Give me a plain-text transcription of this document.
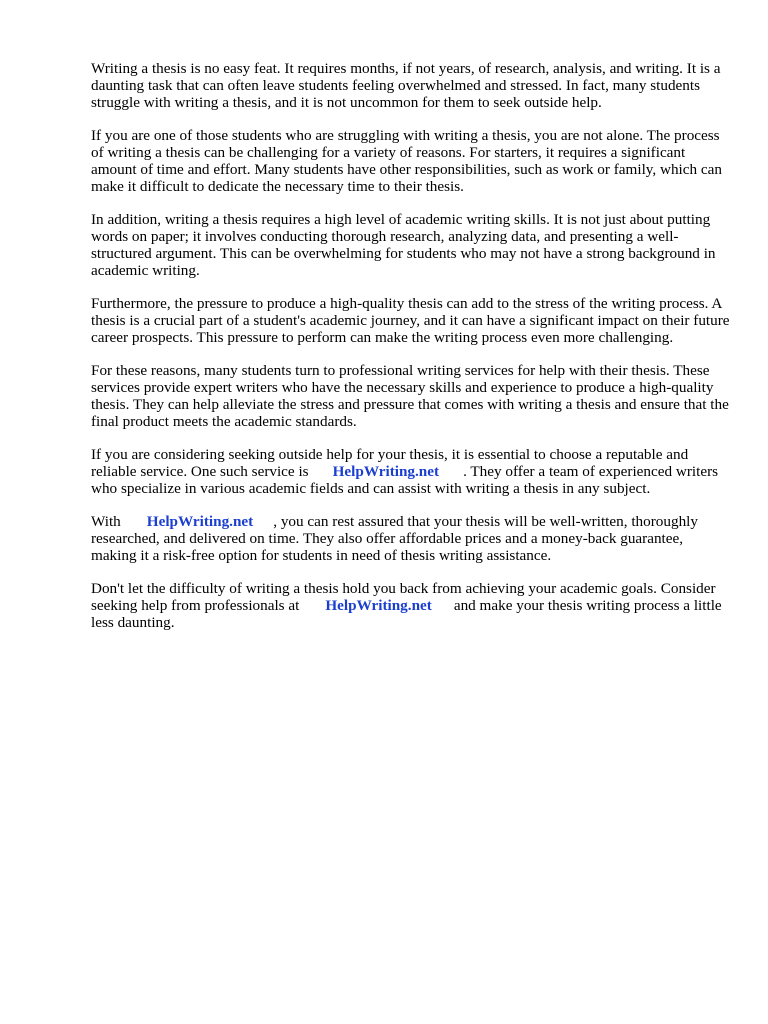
Writing a thesis is no easy feat. It requires months, if not years, of research, analysis, and writing. It is a daunting task that can often leave students feeling overwhelmed and stressed. In fact, many students struggle with writing a thesis, and it is not uncommon for them to seek outside help.

If you are one of those students who are struggling with writing a thesis, you are not alone. The process of writing a thesis can be challenging for a variety of reasons. For starters, it requires a significant amount of time and effort. Many students have other responsibilities, such as work or family, which can make it difficult to dedicate the necessary time to their thesis.

In addition, writing a thesis requires a high level of academic writing skills. It is not just about putting words on paper; it involves conducting thorough research, analyzing data, and presenting a well-structured argument. This can be overwhelming for students who may not have a strong background in academic writing.

Furthermore, the pressure to produce a high-quality thesis can add to the stress of the writing process. A thesis is a crucial part of a student's academic journey, and it can have a significant impact on their future career prospects. This pressure to perform can make the writing process even more challenging.

For these reasons, many students turn to professional writing services for help with their thesis. These services provide expert writers who have the necessary skills and experience to produce a high-quality thesis. They can help alleviate the stress and pressure that comes with writing a thesis and ensure that the final product meets the academic standards.

If you are considering seeking outside help for your thesis, it is essential to choose a reputable and reliable service. One such service is HelpWriting.net . They offer a team of experienced writers who specialize in various academic fields and can assist with writing a thesis in any subject.

With HelpWriting.net , you can rest assured that your thesis will be well-written, thoroughly researched, and delivered on time. They also offer affordable prices and a money-back guarantee, making it a risk-free option for students in need of thesis writing assistance.

Don't let the difficulty of writing a thesis hold you back from achieving your academic goals. Consider seeking help from professionals at HelpWriting.net and make your thesis writing process a little less daunting.
